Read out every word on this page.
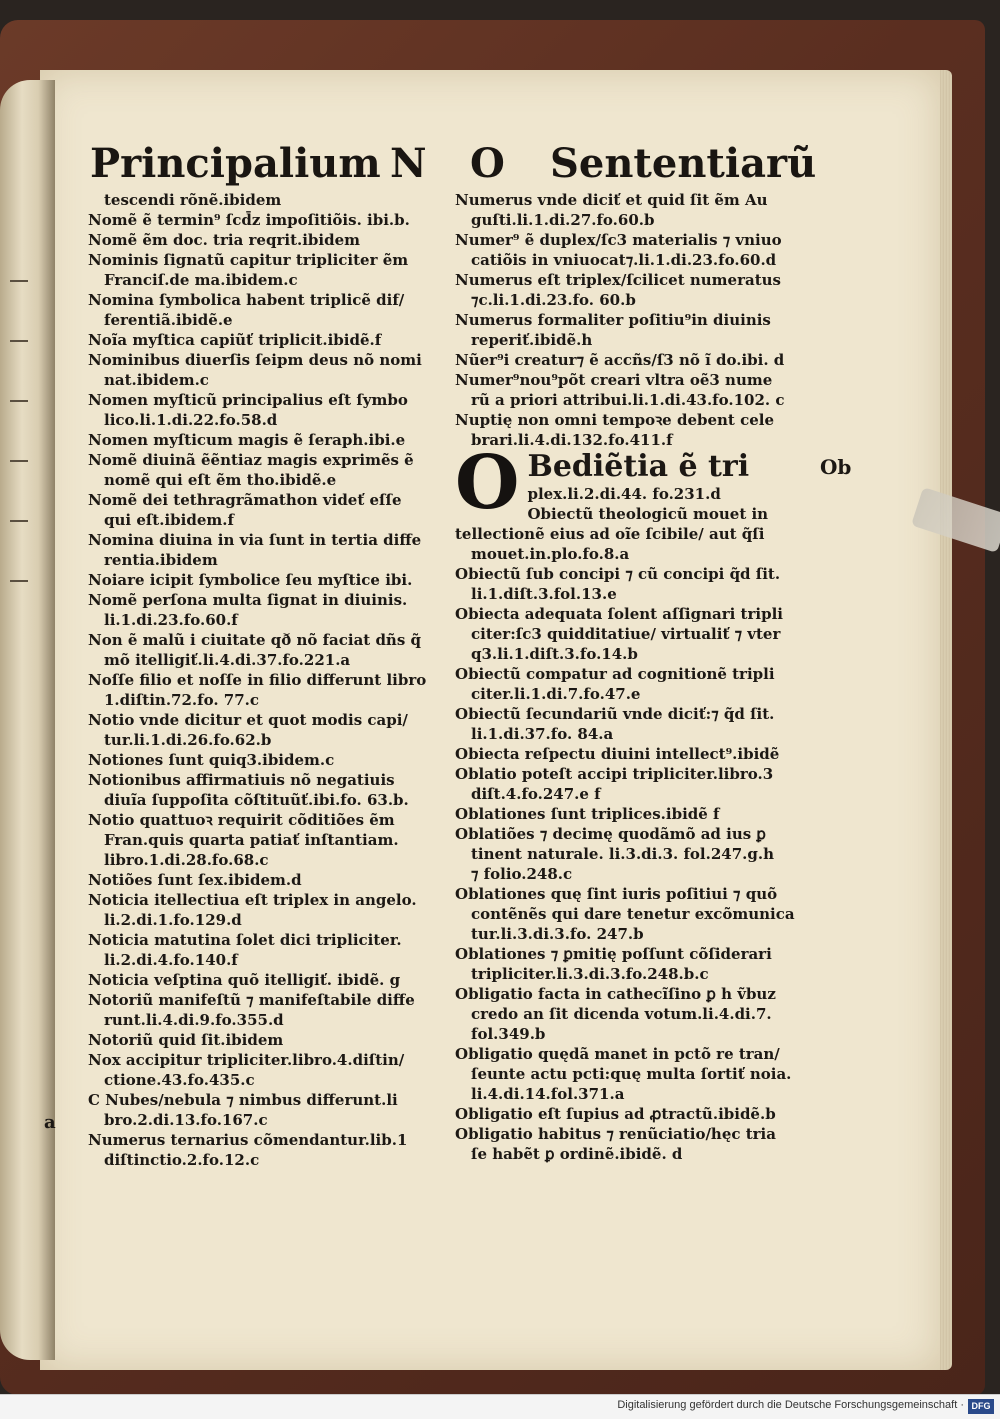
Principalium N O Sententiarũ
tescendi rõnẽ.ibidem
Nomẽ ẽ termin⁹ ſcd̄z impoſitiõis. ibi.b.
Nomẽ ẽm doc. tria reqrit.ibidem
Nominis ſignatũ capitur tripliciter ẽm
Franciſ.de ma.ibidem.c
Nomina ſymbolica habent triplicẽ dif/
ferentiã.ibidẽ.e
Noĩa myſtica capiũť triplicit.ibidẽ.f
Nominibus diuerſis ſeipm deus nõ nomi
nat.ibidem.c
Nomen myſticũ principalius eſt ſymbo
lico.li.1.di.22.fo.58.d
Nomen myſticum magis ẽ ſeraph.ibi.e
Nomẽ diuinã ẽẽntiaz magis exprimẽs ẽ
nomẽ qui eſt ẽm tho.ibidẽ.e
Nomẽ dei tethragrãmathon videť eſſe
qui eſt.ibidem.f
Nomina diuina in via ſunt in tertia diffe
rentia.ibidem
Noiare icipit ſymbolice ſeu myſtice ibi.
Nomẽ perſona multa ſignat in diuinis.
li.1.di.23.fo.60.f
Non ẽ malũ i ciuitate qð nõ faciat dñs q̃
mõ itelligiť.li.4.di.37.fo.221.a
Noſſe filio et noſſe in filio differunt libro
1.diſtin.72.fo. 77.c
Notio vnde dicitur et quot modis capi/
tur.li.1.di.26.fo.62.b
Notiones ſunt quiq3.ibidem.c
Notionibus affirmatiuis nõ negatiuis
diuĩa ſuppoſita cõſtituũť.ibi.fo. 63.b.
Notio quattuoꝛ requirit cõditiões ẽm
Fran.quis quarta patiať inſtantiam.
libro.1.di.28.fo.68.c
Notiões ſunt ſex.ibidem.d
Noticia itellectiua eſt triplex in angelo.
li.2.di.1.fo.129.d
Noticia matutina ſolet dici tripliciter.
li.2.di.4.fo.140.f
Noticia veſptina quõ itelligiť. ibidẽ. g
Notoriũ manifeſtũ ⁊ manifeſtabile diffe
runt.li.4.di.9.fo.355.d
Notoriũ quid ſit.ibidem
Nox accipitur tripliciter.libro.4.diſtin/
ctione.43.fo.435.c
C Nubes/nebula ⁊ nimbus differunt.li
bro.2.di.13.fo.167.c
Numerus ternarius cõmendantur.lib.1
diſtinctio.2.fo.12.c
Numerus vnde diciť et quid ſit ẽm Au
guſti.li.1.di.27.fo.60.b
Numer⁹ ẽ duplex/ſc3 materialis ⁊ vniuo
catiõis in vniuocat⁊.li.1.di.23.fo.60.d
Numerus eſt triplex/ſcilicet numeratus
⁊c.li.1.di.23.fo. 60.b
Numerus formaliter poſitiu⁹in diuinis
reperiť.ibidẽ.h
Nũer⁹i creatur⁊ ẽ accñs/ſ3 nõ ĩ do.ibi. d
Numer⁹nou⁹põt creari vltra oẽ3 nume
rũ a priori attribui.li.1.di.43.fo.102. c
Nuptię non omni tempoꝛe debent cele
brari.li.4.di.132.fo.411.f
O Bediẽtia ẽ tri
plex.li.2.di.44. fo.231.d
Obiectũ theologicũ mouet in
tellectionẽ eius ad oĩe ſcibile/ aut q̃ſi
mouet.in.plo.fo.8.a
Obiectũ ſub concipi ⁊ cũ concipi q̃d ſit.
li.1.diſt.3.fol.13.e
Obiecta adequata ſolent aſſignari tripli
citer:ſc3 quidditatiue/ virtualiť ⁊ vter
q3.li.1.diſt.3.fo.14.b
Obiectũ compatur ad cognitionẽ tripli
citer.li.1.di.7.fo.47.e
Obiectũ ſecundariũ vnde diciť:⁊ q̃d ſit.
li.1.di.37.fo. 84.a
Obiecta reſpectu diuini intellect⁹.ibidẽ
Oblatio poteſt accipi tripliciter.libro.3
diſt.4.fo.247.e f
Oblationes ſunt triplices.ibidẽ f
Oblatiões ⁊ decimę quodãmõ ad ius ꝑ
tinent naturale. li.3.di.3. fol.247.g.h
⁊ folio.248.c
Oblationes quę ſint iuris poſitiui ⁊ quõ
contẽnẽs qui dare tenetur excõmunica
tur.li.3.di.3.fo. 247.b
Oblationes ⁊ ꝑmitię poſſunt cõſiderari
tripliciter.li.3.di.3.fo.248.b.c
Obligatio facta in cathecĩſino ꝑ h ṽbuz
credo an ſit dicenda votum.li.4.di.7.
fol.349.b
Obligatio quędã manet in pctõ re tran/
ſeunte actu pcti:quę multa ſortiť noia.
li.4.di.14.fol.371.a
Obligatio eſt ſupius ad ꝓtractũ.ibidẽ.b
Obligatio habitus ⁊ renũciatio/hęc tria
ſe habẽt ꝑ ordinẽ.ibidẽ. d
Ob
a
Digitalisierung gefördert durch die Deutsche Forschungsgemeinschaft · DFG
